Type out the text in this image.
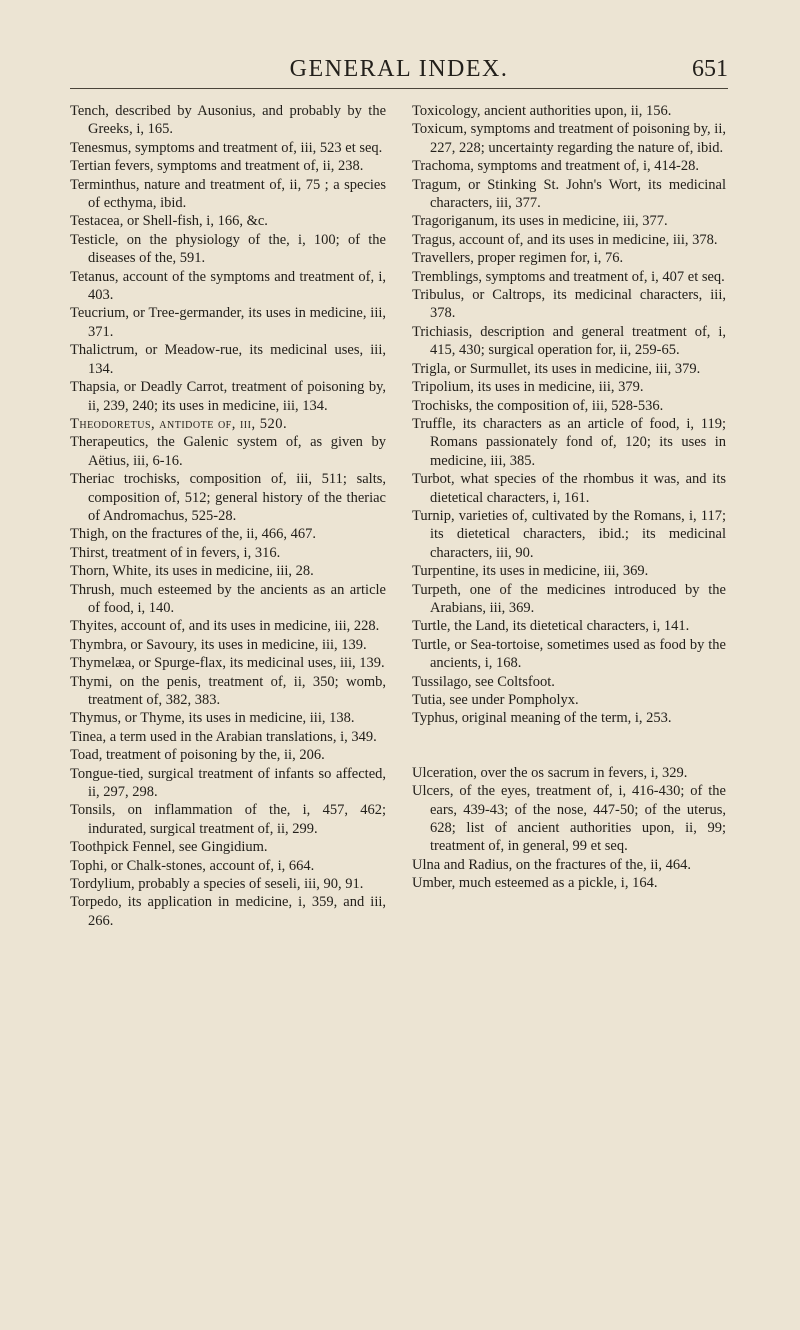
GENERAL INDEX.	651

Tench, described by Ausonius, and probably by the Greeks, i, 165.

Tenesmus, symptoms and treatment of, iii, 523 et seq.

Tertian fevers, symptoms and treatment of, ii, 238.

Terminthus, nature and treatment of, ii, 75 ; a species of ecthyma, ibid.

Testacea, or Shell-fish, i, 166, &c.

Testicle, on the physiology of the, i, 100; of the diseases of the, 591.

Tetanus, account of the symptoms and treatment of, i, 403.

Teucrium, or Tree-germander, its uses in medicine, iii, 371.

Thalictrum, or Meadow-rue, its medicinal uses, iii, 134.

Thapsia, or Deadly Carrot, treatment of poisoning by, ii, 239, 240; its uses in medicine, iii, 134.

Theodoretus, antidote of, iii, 520.

Therapeutics, the Galenic system of, as given by Aëtius, iii, 6-16.

Theriac trochisks, composition of, iii, 511; salts, composition of, 512; general history of the theriac of Andromachus, 525-28.

Thigh, on the fractures of the, ii, 466, 467.

Thirst, treatment of in fevers, i, 316.

Thorn, White, its uses in medicine, iii, 28.

Thrush, much esteemed by the ancients as an article of food, i, 140.

Thyites, account of, and its uses in medicine, iii, 228.

Thymbra, or Savoury, its uses in medicine, iii, 139.

Thymelæa, or Spurge-flax, its medicinal uses, iii, 139.

Thymi, on the penis, treatment of, ii, 350; womb, treatment of, 382, 383.

Thymus, or Thyme, its uses in medicine, iii, 138.

Tinea, a term used in the Arabian translations, i, 349.

Toad, treatment of poisoning by the, ii, 206.

Tongue-tied, surgical treatment of infants so affected, ii, 297, 298.

Tonsils, on inflammation of the, i, 457, 462; indurated, surgical treatment of, ii, 299.

Toothpick Fennel, see Gingidium.

Tophi, or Chalk-stones, account of, i, 664.

Tordylium, probably a species of seseli, iii, 90, 91.

Torpedo, its application in medicine, i, 359, and iii, 266.

Toxicology, ancient authorities upon, ii, 156.

Toxicum, symptoms and treatment of poisoning by, ii, 227, 228; uncertainty regarding the nature of, ibid.

Trachoma, symptoms and treatment of, i, 414-28.

Tragum, or Stinking St. John's Wort, its medicinal characters, iii, 377.

Tragoriganum, its uses in medicine, iii, 377.

Tragus, account of, and its uses in medicine, iii, 378.

Travellers, proper regimen for, i, 76.

Tremblings, symptoms and treatment of, i, 407 et seq.

Tribulus, or Caltrops, its medicinal characters, iii, 378.

Trichiasis, description and general treatment of, i, 415, 430; surgical operation for, ii, 259-65.

Trigla, or Surmullet, its uses in medicine, iii, 379.

Tripolium, its uses in medicine, iii, 379.

Trochisks, the composition of, iii, 528-536.

Truffle, its characters as an article of food, i, 119; Romans passionately fond of, 120; its uses in medicine, iii, 385.

Turbot, what species of the rhombus it was, and its dietetical characters, i, 161.

Turnip, varieties of, cultivated by the Romans, i, 117; its dietetical characters, ibid.; its medicinal characters, iii, 90.

Turpentine, its uses in medicine, iii, 369.

Turpeth, one of the medicines introduced by the Arabians, iii, 369.

Turtle, the Land, its dietetical characters, i, 141.

Turtle, or Sea-tortoise, sometimes used as food by the ancients, i, 168.

Tussilago, see Coltsfoot.

Tutia, see under Pompholyx.

Typhus, original meaning of the term, i, 253.

Ulceration, over the os sacrum in fevers, i, 329.

Ulcers, of the eyes, treatment of, i, 416-430; of the ears, 439-43; of the nose, 447-50; of the uterus, 628; list of ancient authorities upon, ii, 99; treatment of, in general, 99 et seq.

Ulna and Radius, on the fractures of the, ii, 464.

Umber, much esteemed as a pickle, i, 164.
